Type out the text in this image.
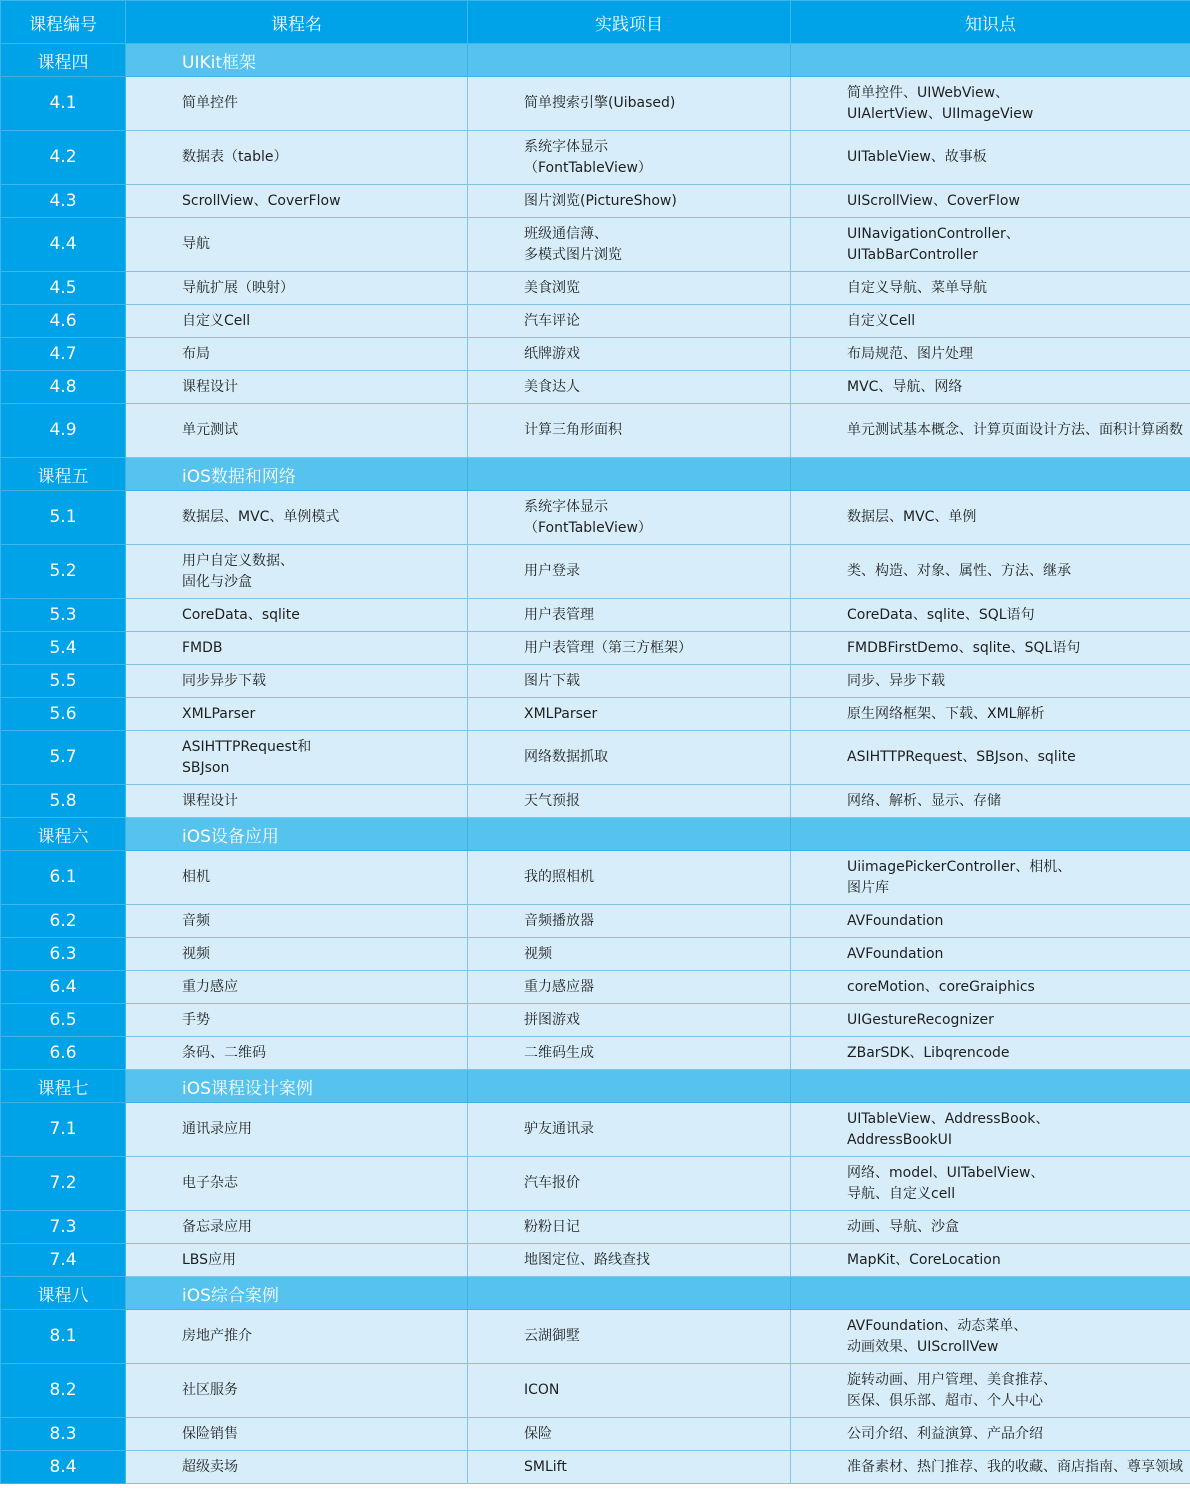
课程编号	课程名	实践项目	知识点
课程四	UIKit框架		

4.1	简单控件	简单搜索引擎(Uibased)	简单控件、UIWebView、
UIAlertView、UIImageView

4.2	数据表（table）	系统字体显示
（FontTableView）	UITableView、故事板

4.3	ScrollView、CoverFlow	图片浏览(PictureShow)	UIScrollView、CoverFlow

4.4	导航	班级通信薄、
多模式图片浏览	UINavigationController、
UITabBarController

4.5	导航扩展（映射）	美食浏览	自定义导航、菜单导航

4.6	自定义Cell	汽车评论	自定义Cell

4.7	布局	纸牌游戏	布局规范、图片处理

4.8	课程设计	美食达人	MVC、导航、网络

4.9	单元测试	计算三角形面积	单元测试基本概念、计算页面设计方法、面积计算函数

课程五	iOS数据和网络		

5.1	数据层、MVC、单例模式	系统字体显示
（FontTableView）	数据层、MVC、单例

5.2	用户自定义数据、
固化与沙盒	用户登录	类、构造、对象、属性、方法、继承

5.3	CoreData、sqlite	用户表管理	CoreData、sqlite、SQL语句

5.4	FMDB	用户表管理（第三方框架）	FMDBFirstDemo、sqlite、SQL语句

5.5	同步异步下载	图片下载	同步、异步下载

5.6	XMLParser	XMLParser	原生网络框架、下载、XML解析

5.7	ASIHTTPRequest和
SBJson	网络数据抓取	ASIHTTPRequest、SBJson、sqlite

5.8	课程设计	天气预报	网络、解析、显示、存储

课程六	iOS设备应用		

6.1	相机	我的照相机	UiimagePickerController、相机、
图片库

6.2	音频	音频播放器	AVFoundation

6.3	视频	视频	AVFoundation

6.4	重力感应	重力感应器	coreMotion、coreGraiphics

6.5	手势	拼图游戏	UIGestureRecognizer

6.6	条码、二维码	二维码生成	ZBarSDK、Libqrencode

课程七	iOS课程设计案例		

7.1	通讯录应用	驴友通讯录	UITableView、AddressBook、
AddressBookUI

7.2	电子杂志	汽车报价	网络、model、UITabelView、
导航、自定义cell

7.3	备忘录应用	粉粉日记	动画、导航、沙盒

7.4	LBS应用	地图定位、路线查找	MapKit、CoreLocation

课程八	iOS综合案例		

8.1	房地产推介	云湖御墅	AVFoundation、动态菜单、
动画效果、UIScrollVew

8.2	社区服务	ICON	旋转动画、用户管理、美食推荐、
医保、俱乐部、超市、个人中心

8.3	保险销售	保险	公司介绍、利益演算、产品介绍

8.4	超级卖场	SMLift	准备素材、热门推荐、我的收藏、商店指南、尊享领域
